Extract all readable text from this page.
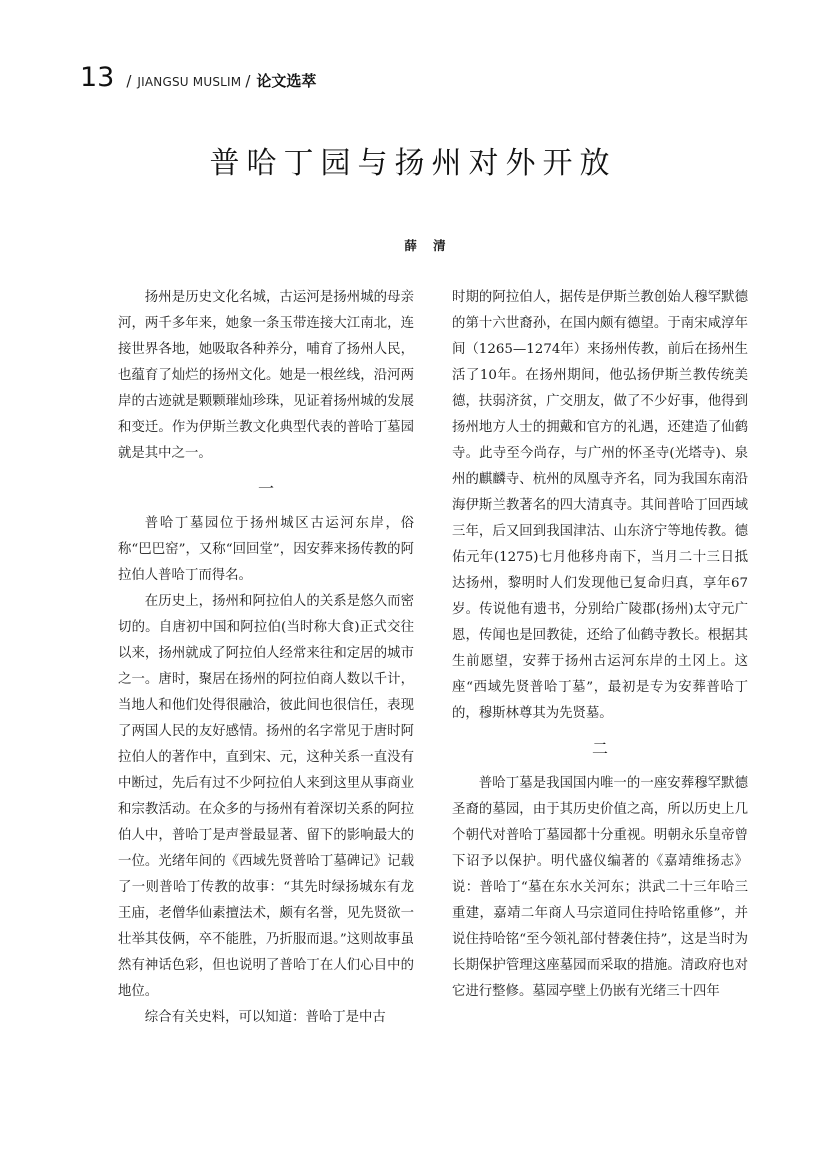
13 / JIANGSU MUSLIM / 论文选萃
普哈丁园与扬州对外开放
薛 清

扬州是历史文化名城，古运河是扬州城的母亲河，两千多年来，她象一条玉带连接大江南北，连接世界各地，她吸取各种养分，哺育了扬州人民，也蕴育了灿烂的扬州文化。她是一根丝线，沿河两岸的古迹就是颗颗璀灿珍珠，见证着扬州城的发展和变迁。作为伊斯兰教文化典型代表的普哈丁墓园就是其中之一。

一

普哈丁墓园位于扬州城区古运河东岸，俗称“巴巴窑”，又称“回回堂”，因安葬来扬传教的阿拉伯人普哈丁而得名。

在历史上，扬州和阿拉伯人的关系是悠久而密切的。自唐初中国和阿拉伯(当时称大食)正式交往以来，扬州就成了阿拉伯人经常来往和定居的城市之一。唐时，聚居在扬州的阿拉伯商人数以千计，当地人和他们处得很融洽，彼此间也很信任，表现了两国人民的友好感情。扬州的名字常见于唐时阿拉伯人的著作中，直到宋、元，这种关系一直没有中断过，先后有过不少阿拉伯人来到这里从事商业和宗教活动。在众多的与扬州有着深切关系的阿拉伯人中，普哈丁是声誉最显著、留下的影响最大的一位。光绪年间的《西域先贤普哈丁墓碑记》记载了一则普哈丁传教的故事：“其先时绿扬城东有龙王庙，老僧华仙素擅法术，颇有名誉，见先贤欲一壮举其伎俩，卒不能胜，乃折服而退。”这则故事虽然有神话色彩，但也说明了普哈丁在人们心目中的地位。

综合有关史料，可以知道：普哈丁是中古

时期的阿拉伯人，据传是伊斯兰教创始人穆罕默德的第十六世裔孙，在国内颇有德望。于南宋咸淳年间（1265—1274年）来扬州传教，前后在扬州生活了10年。在扬州期间，他弘扬伊斯兰教传统美德，扶弱济贫，广交朋友，做了不少好事，他得到扬州地方人士的拥戴和官方的礼遇，还建造了仙鹤寺。此寺至今尚存，与广州的怀圣寺(光塔寺)、泉州的麒麟寺、杭州的凤凰寺齐名，同为我国东南沿海伊斯兰教著名的四大清真寺。其间普哈丁回西域三年，后又回到我国津沽、山东济宁等地传教。德佑元年(1275)七月他移舟南下，当月二十三日抵达扬州，黎明时人们发现他已复命归真，享年67岁。传说他有遗书，分别给广陵郡(扬州)太守元广恩，传闻也是回教徒，还给了仙鹤寺教长。根据其生前愿望，安葬于扬州古运河东岸的土冈上。这座“西域先贤普哈丁墓”，最初是专为安葬普哈丁的，穆斯林尊其为先贤墓。

二

普哈丁墓是我国国内唯一的一座安葬穆罕默德圣裔的墓园，由于其历史价值之高，所以历史上几个朝代对普哈丁墓园都十分重视。明朝永乐皇帝曾下诏予以保护。明代盛仪编著的《嘉靖维扬志》说：普哈丁“墓在东水关河东；洪武二十三年哈三重建，嘉靖二年商人马宗道同住持哈铭重修”，并说住持哈铭“至今领礼部付替袭住持”，这是当时为长期保护管理这座墓园而采取的措施。清政府也对它进行整修。墓园亭壁上仍嵌有光绪三十四年
